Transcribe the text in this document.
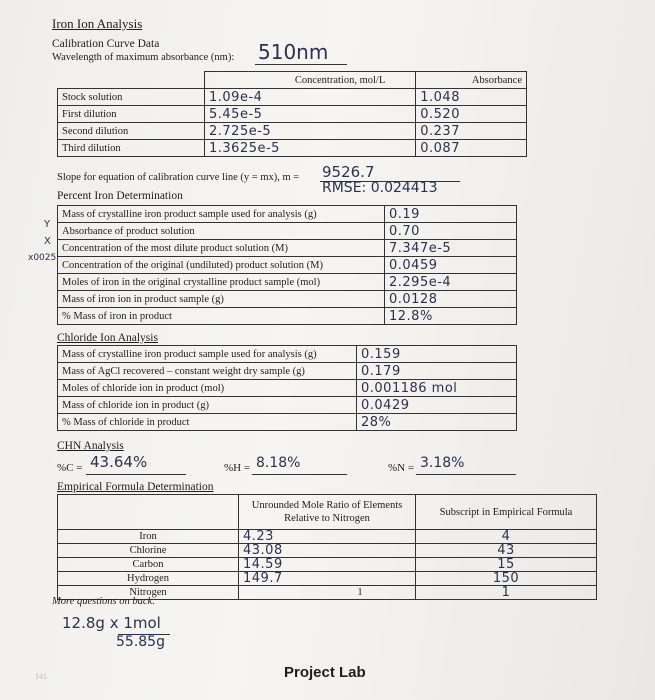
Iron Ion Analysis
Calibration Curve Data
Wavelength of maximum absorbance (nm): 510nm
	Concentration, mol/L	Absorbance
Stock solution	1.09e-4	1.048
First dilution	5.45e-5	0.520
Second dilution	2.725e-5	0.237
Third dilution	1.3625e-5	0.087
Slope for equation of calibration curve line (y = mx), m = 9526.7
RMSE: 0.024413
Percent Iron Determination
Y
X
x0025
Mass of crystalline iron product sample used for analysis (g)	0.19
Absorbance of product solution	0.70
Concentration of the most dilute product solution (M)	7.347e-5
Concentration of the original (undiluted) product solution (M)	0.0459
Moles of iron in the original crystalline product sample (mol)	2.295e-4
Mass of iron ion in product sample (g)	0.0128
% Mass of iron in product	12.8%
Chloride Ion Analysis
Mass of crystalline iron product sample used for analysis (g)	0.159
Mass of AgCl recovered – constant weight dry sample (g)	0.179
Moles of chloride ion in product (mol)	0.001186 mol
Mass of chloride ion in product (g)	0.0429
% Mass of chloride in product	28%
CHN Analysis
%C = 43.64%	%H = 8.18%	%N = 3.18%
Empirical Formula Determination
	Unrounded Mole Ratio of Elements Relative to Nitrogen	Subscript in Empirical Formula
Iron	4.23	4
Chlorine	43.08	43
Carbon	14.59	15
Hydrogen	149.7	150
Nitrogen	1	1
More questions on back.
12.8g x 1mol
55.85g
141	Project Lab
